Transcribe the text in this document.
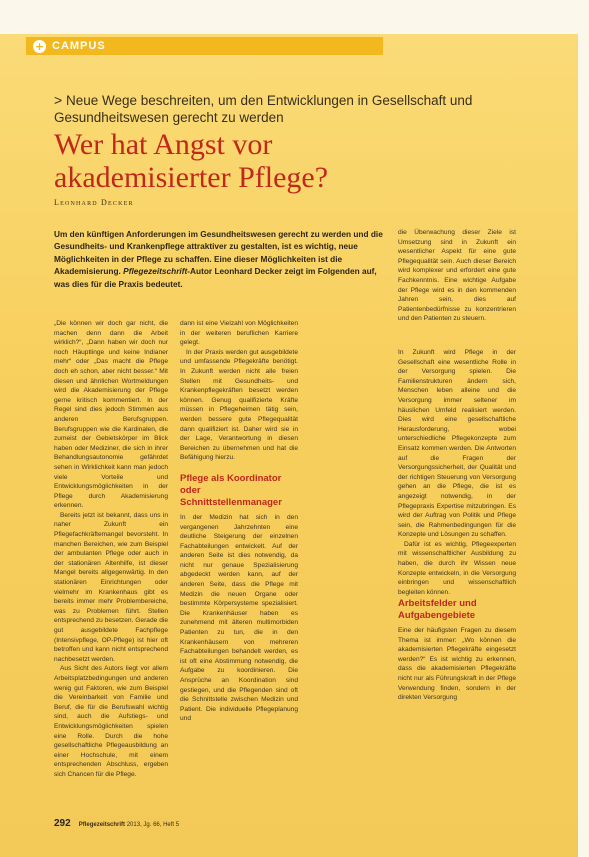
+ CAMPUS
> Neue Wege beschreiten, um den Entwicklungen in Gesellschaft und Gesundheitswesen gerecht zu werden
Wer hat Angst vor
akademisierter Pflege?
Leonhard Decker
Um den künftigen Anforderungen im Gesundheitswesen gerecht zu werden und die Gesundheits- und Krankenpflege attraktiver zu gestalten, ist es wichtig, neue Möglichkeiten in der Pflege zu schaffen. Eine dieser Möglichkeiten ist die Akademisierung. Pflegezeitschrift-Autor Leonhard Decker zeigt im Folgenden auf, was dies für die Praxis bedeutet.

„Die können wir doch gar nicht, die machen denn dann die Arbeit wirklich?“, „Dann haben wir doch nur noch Häuptlinge und keine Indianer mehr“ oder „Das macht die Pflege doch eh schon, aber nicht besser.“ Mit diesen und ähnlichen Wortmeldungen wird die Akademisierung der Pflege gerne kritisch kommentiert. In der Regel sind dies jedoch Stimmen aus anderen Berufsgruppen. Berufsgruppen wie die Kardinalen, die zumeist der Gebietskörper im Blick haben oder Mediziner, die sich in ihrer Behandlungsautonomie gefährdet sehen in Wirklichkeit kann man jedoch viele Vorteile und Entwicklungsmöglichkeiten in der Pflege durch Akademisierung erkennen.

Bereits jetzt ist bekannt, dass uns in naher Zukunft ein Pflegefachkräftemangel bevorsteht. In manchen Bereichen, wie zum Beispiel der ambulanten Pflege oder auch in der stationären Altenhilfe, ist dieser Mangel bereits allgegenwärtig. In den stationären Einrichtungen oder vielmehr im Krankenhaus gibt es bereits immer mehr Problembereiche, was zu Problemen führt. Stellen entsprechend zu besetzen. Gerade die gut ausgebildete Fachpflege (Intensivpflege, OP-Pflege) ist hier oft betroffen und kann nicht entsprechend nachbesetzt werden.

Aus Sicht des Autors liegt vor allem Arbeitsplatzbedingungen und anderen wenig gut Faktoren, wie zum Beispiel die Vereinbarkeit von Familie und Beruf, die für die Berufswahl wichtig sind, auch die Aufstiegs- und Entwicklungsmöglichkeiten spielen eine Rolle. Durch die hohe gesellschaftliche Pflegeausbildung an einer Hochschule, mit einem entsprechenden Abschluss, ergeben sich Chancen für die Pflege.

dann ist eine Vielzahl von Möglichkeiten in der weiteren beruflichen Karriere gelegt.

In der Praxis werden gut ausgebildete und umfassende Pflegekräfte benötigt. In Zukunft werden nicht alle freien Stellen mit Gesundheits- und Krankenpflegekräften besetzt werden können. Genug qualifizierte Kräfte müssen in Pflegeheimen tätig sein, werden bessere gute Pflegequalität dann qualifiziert ist. Daher wird sie in der Lage, Verantwortung in diesen Bereichen zu übernehmen und hat die Befähigung hierzu.

Pflege als Koordinator oder Schnittstellenmanager

In der Medizin hat sich in den vergangenen Jahrzehnten eine deutliche Steigerung der einzelnen Fachabteilungen entwickelt. Auf der anderen Seite ist dies notwendig, da nicht nur genaue Spezialisierung abgedeckt werden kann, auf der anderen Seite, dass die Pflege mit Medizin die neuen Organe oder bestimmte Körpersysteme spezialisiert. Die Krankenhäuser haben es zunehmend mit älteren multimorbiden Patienten zu tun, die in den Krankenhäusern von mehreren Fachabteilungen behandelt werden, es ist oft eine Abstimmung notwendig, die Aufgabe zu koordinieren. Die Ansprüche an Koordination sind gestiegen, und die Pflegenden sind oft die Schnittstelle zwischen Medizin und Patient. Die individuelle Pflegeplanung und

die Überwachung dieser Ziele ist Umsetzung sind in Zukunft ein wesentlicher Aspekt für eine gute Pflegequalität sein. Auch dieser Bereich wird komplexer und erfordert eine gute Fachkenntnis. Eine wichtige Aufgabe der Pflege wird es in den kommenden Jahren sein, dies auf Patientenbedürfnisse zu konzentrieren und den Patienten zu steuern.

In Zukunft wird Pflege in der Gesellschaft eine wesentliche Rolle in der Versorgung spielen. Die Familienstrukturen ändern sich, Menschen leben alleine und die Versorgung immer seltener im häuslichen Umfeld realisiert werden. Dies wird eine gesellschaftliche Herausforderung, wobei unterschiedliche Pflegekonzepte zum Einsatz kommen werden. Die Antworten auf die Fragen der Versorgungssicherheit, der Qualität und der richtigen Steuerung von Versorgung gehen an die Pflege, die ist es angezeigt notwendig, in der Pflegepraxis Expertise mitzubringen. Es wird der Auftrag von Politik und Pflege sein, die Rahmenbedingungen für die Konzepte und Lösungen zu schaffen.

Dafür ist es wichtig, Pflegeexperten mit wissenschaftlicher Ausbildung zu haben, die durch ihr Wissen neue Konzepte entwickeln, in die Versorgung einbringen und wissenschaftlich begleiten können.

Arbeitsfelder und Aufgabengebiete

Eine der häufigsten Fragen zu diesem Thema ist immer: „Wo können die akademisierten Pflegekräfte eingesetzt werden?“ Es ist wichtig zu erkennen, dass die akademisierten Pflegekräfte nicht nur als Führungskraft in der Pflege Verwendung finden, sondern in der direkten Versorgung

292 Pflegezeitschrift 2013, Jg. 66, Heft 5
